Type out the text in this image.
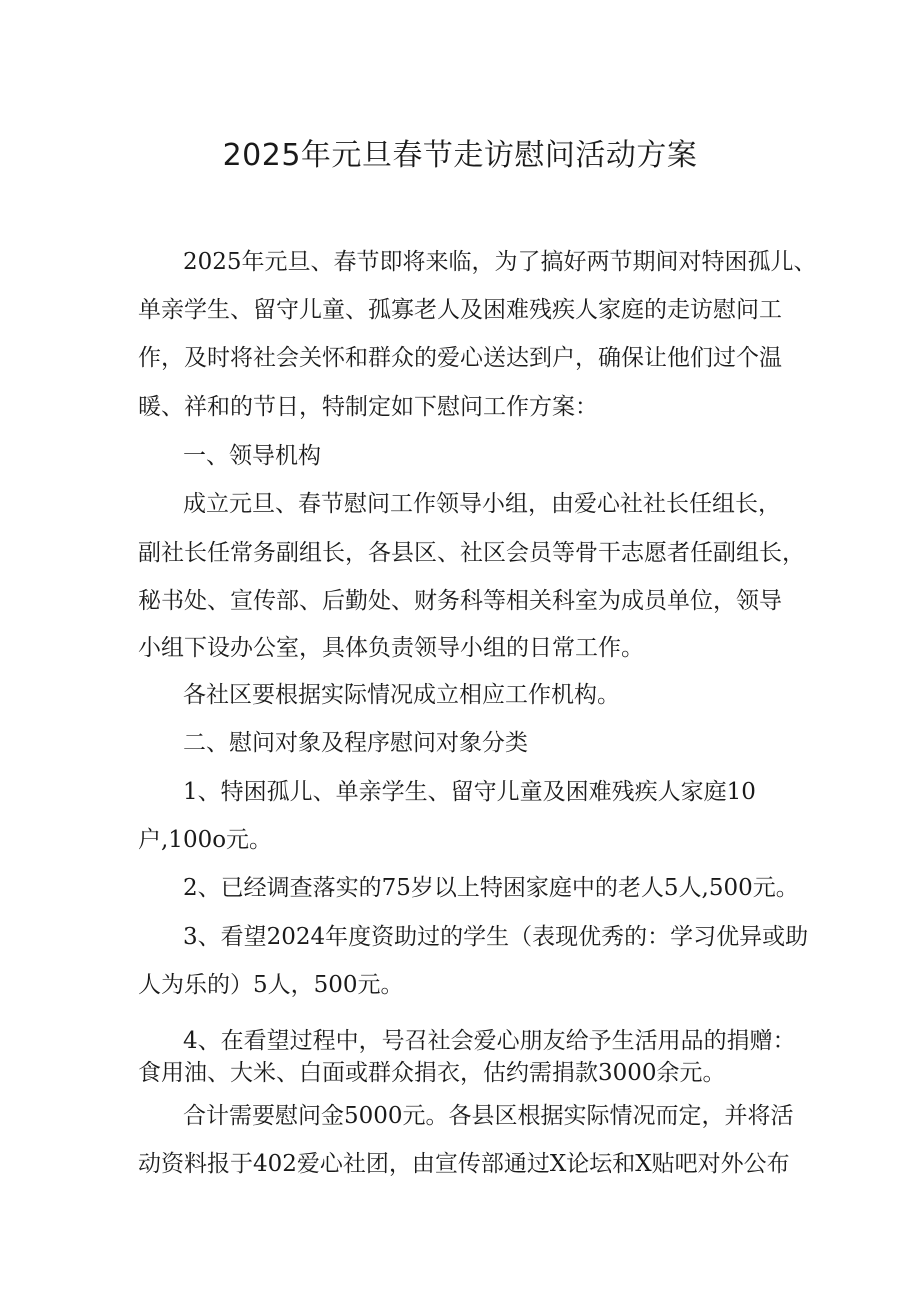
2025年元旦春节走访慰问活动方案
2025年元旦、春节即将来临，为了搞好两节期间对特困孤儿、
单亲学生、留守儿童、孤寡老人及困难残疾人家庭的走访慰问工
作，及时将社会关怀和群众的爱心送达到户，确保让他们过个温
暖、祥和的节日，特制定如下慰问工作方案：
一、领导机构
成立元旦、春节慰问工作领导小组，由爱心社社长任组长，
副社长任常务副组长，各县区、社区会员等骨干志愿者任副组长，
秘书处、宣传部、后勤处、财务科等相关科室为成员单位，领导
小组下设办公室，具体负责领导小组的日常工作。
各社区要根据实际情况成立相应工作机构。
二、慰问对象及程序慰问对象分类
1、特困孤儿、单亲学生、留守儿童及困难残疾人家庭10
户,100o元。
2、已经调查落实的75岁以上特困家庭中的老人5人,500元。
3、看望2024年度资助过的学生（表现优秀的：学习优异或助
人为乐的）5人，500元。
4、在看望过程中，号召社会爱心朋友给予生活用品的捐赠：
食用油、大米、白面或群众捐衣，估约需捐款3000余元。
合计需要慰问金5000元。各县区根据实际情况而定，并将活
动资料报于402爱心社团，由宣传部通过X论坛和X贴吧对外公布
